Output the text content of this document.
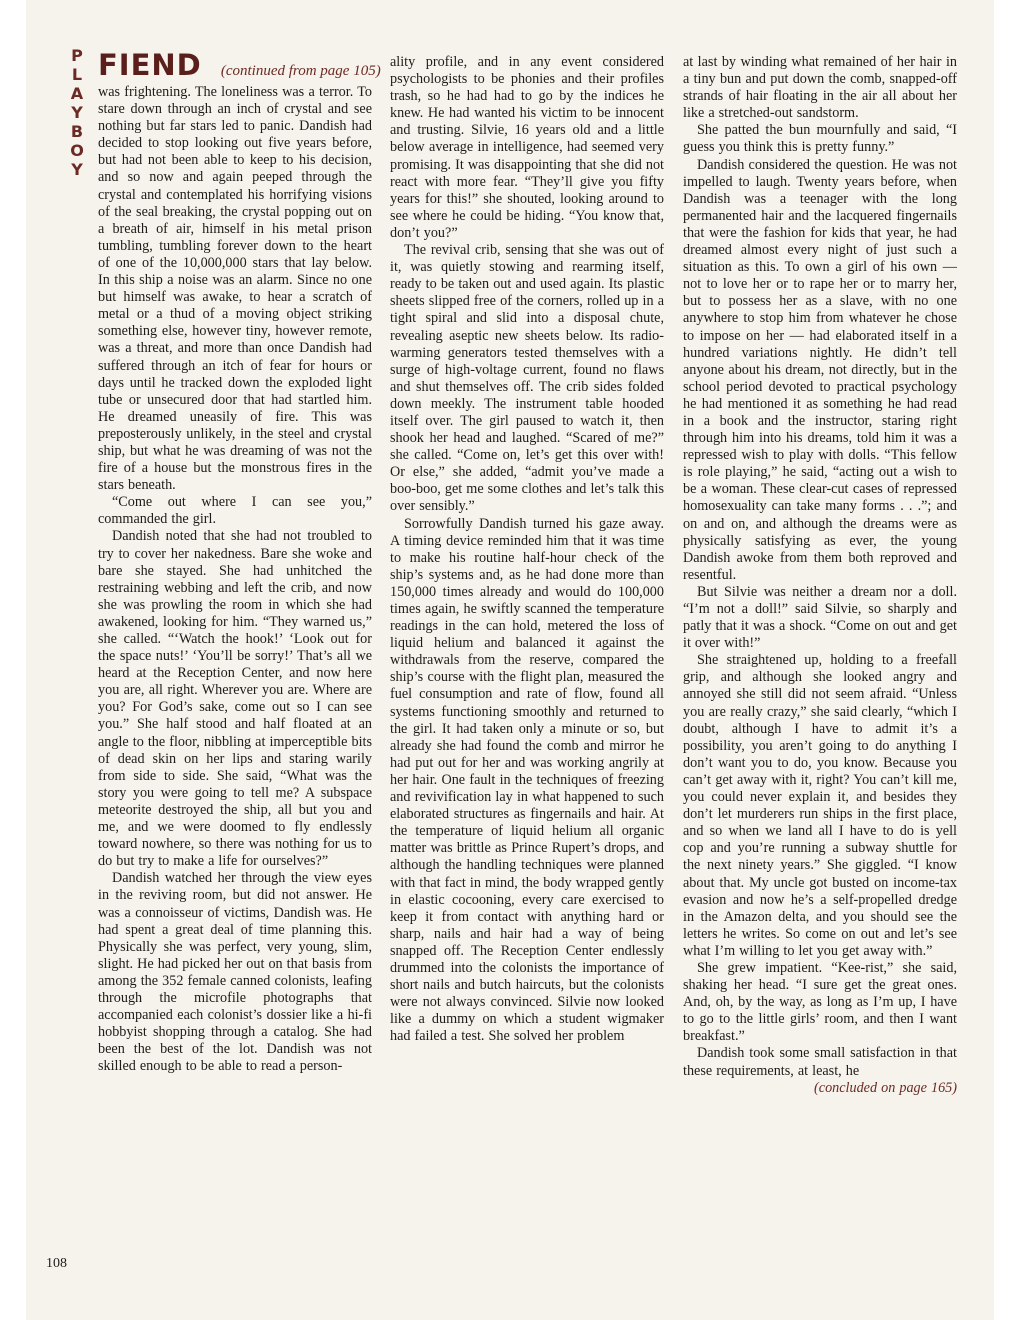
P
L
A
Y
B
O
Y
FIEND (continued from page 105)

was frightening. The loneliness was a terror. To stare down through an inch of crystal and see nothing but far stars led to panic. Dandish had decided to stop looking out five years before, but had not been able to keep to his decision, and so now and again peeped through the crystal and contemplated his horrifying visions of the seal breaking, the crystal popping out on a breath of air, himself in his metal prison tumbling, tumbling forever down to the heart of one of the 10,000,000 stars that lay below. In this ship a noise was an alarm. Since no one but himself was awake, to hear a scratch of metal or a thud of a moving object striking something else, however tiny, however remote, was a threat, and more than once Dandish had suffered through an itch of fear for hours or days until he tracked down the exploded light tube or unsecured door that had startled him. He dreamed uneasily of fire. This was preposterously unlikely, in the steel and crystal ship, but what he was dreaming of was not the fire of a house but the monstrous fires in the stars beneath.

“Come out where I can see you,” commanded the girl.

Dandish noted that she had not troubled to try to cover her nakedness. Bare she woke and bare she stayed. She had unhitched the restraining webbing and left the crib, and now she was prowling the room in which she had awakened, looking for him. “They warned us,” she called. “‘Watch the hook!’ ‘Look out for the space nuts!’ ‘You’ll be sorry!’ That’s all we heard at the Reception Center, and now here you are, all right. Wherever you are. Where are you? For God’s sake, come out so I can see you.” She half stood and half floated at an angle to the floor, nibbling at imperceptible bits of dead skin on her lips and staring warily from side to side. She said, “What was the story you were going to tell me? A subspace meteorite destroyed the ship, all but you and me, and we were doomed to fly endlessly toward nowhere, so there was nothing for us to do but try to make a life for ourselves?”

Dandish watched her through the view eyes in the reviving room, but did not answer. He was a connoisseur of victims, Dandish was. He had spent a great deal of time planning this. Physically she was perfect, very young, slim, slight. He had picked her out on that basis from among the 352 female canned colonists, leafing through the microfile photographs that accompanied each colonist’s dossier like a hi-fi hobbyist shopping through a catalog. She had been the best of the lot. Dandish was not skilled enough to be able to read a person-

ality profile, and in any event considered psychologists to be phonies and their profiles trash, so he had had to go by the indices he knew. He had wanted his victim to be innocent and trusting. Silvie, 16 years old and a little below average in intelligence, had seemed very promising. It was disappointing that she did not react with more fear. “They’ll give you fifty years for this!” she shouted, looking around to see where he could be hiding. “You know that, don’t you?”

The revival crib, sensing that she was out of it, was quietly stowing and rearming itself, ready to be taken out and used again. Its plastic sheets slipped free of the corners, rolled up in a tight spiral and slid into a disposal chute, revealing aseptic new sheets below. Its radio-warming generators tested themselves with a surge of high-voltage current, found no flaws and shut themselves off. The crib sides folded down meekly. The instrument table hooded itself over. The girl paused to watch it, then shook her head and laughed. “Scared of me?” she called. “Come on, let’s get this over with! Or else,” she added, “admit you’ve made a boo-boo, get me some clothes and let’s talk this over sensibly.”

Sorrowfully Dandish turned his gaze away. A timing device reminded him that it was time to make his routine half-hour check of the ship’s systems and, as he had done more than 150,000 times already and would do 100,000 times again, he swiftly scanned the temperature readings in the can hold, metered the loss of liquid helium and balanced it against the withdrawals from the reserve, compared the ship’s course with the flight plan, measured the fuel consumption and rate of flow, found all systems functioning smoothly and returned to the girl. It had taken only a minute or so, but already she had found the comb and mirror he had put out for her and was working angrily at her hair. One fault in the techniques of freezing and revivification lay in what happened to such elaborated structures as fingernails and hair. At the temperature of liquid helium all organic matter was brittle as Prince Rupert’s drops, and although the handling techniques were planned with that fact in mind, the body wrapped gently in elastic cocooning, every care exercised to keep it from contact with anything hard or sharp, nails and hair had a way of being snapped off. The Reception Center endlessly drummed into the colonists the importance of short nails and butch haircuts, but the colonists were not always convinced. Silvie now looked like a dummy on which a student wigmaker had failed a test. She solved her problem

at last by winding what remained of her hair in a tiny bun and put down the comb, snapped-off strands of hair floating in the air all about her like a stretched-out sandstorm.

She patted the bun mournfully and said, “I guess you think this is pretty funny.”

Dandish considered the question. He was not impelled to laugh. Twenty years before, when Dandish was a teenager with the long permanented hair and the lacquered fingernails that were the fashion for kids that year, he had dreamed almost every night of just such a situation as this. To own a girl of his own — not to love her or to rape her or to marry her, but to possess her as a slave, with no one anywhere to stop him from whatever he chose to impose on her — had elaborated itself in a hundred variations nightly. He didn’t tell anyone about his dream, not directly, but in the school period devoted to practical psychology he had mentioned it as something he had read in a book and the instructor, staring right through him into his dreams, told him it was a repressed wish to play with dolls. “This fellow is role playing,” he said, “acting out a wish to be a woman. These clear-cut cases of repressed homosexuality can take many forms . . .”; and on and on, and although the dreams were as physically satisfying as ever, the young Dandish awoke from them both reproved and resentful.

But Silvie was neither a dream nor a doll. “I’m not a doll!” said Silvie, so sharply and patly that it was a shock. “Come on out and get it over with!”

She straightened up, holding to a freefall grip, and although she looked angry and annoyed she still did not seem afraid. “Unless you are really crazy,” she said clearly, “which I doubt, although I have to admit it’s a possibility, you aren’t going to do anything I don’t want you to do, you know. Because you can’t get away with it, right? You can’t kill me, you could never explain it, and besides they don’t let murderers run ships in the first place, and so when we land all I have to do is yell cop and you’re running a subway shuttle for the next ninety years.” She giggled. “I know about that. My uncle got busted on income-tax evasion and now he’s a self-propelled dredge in the Amazon delta, and you should see the letters he writes. So come on out and let’s see what I’m willing to let you get away with.”

She grew impatient. “Kee-rist,” she said, shaking her head. “I sure get the great ones. And, oh, by the way, as long as I’m up, I have to go to the little girls’ room, and then I want breakfast.”

Dandish took some small satisfaction in that these requirements, at least, he

(concluded on page 165)

108
